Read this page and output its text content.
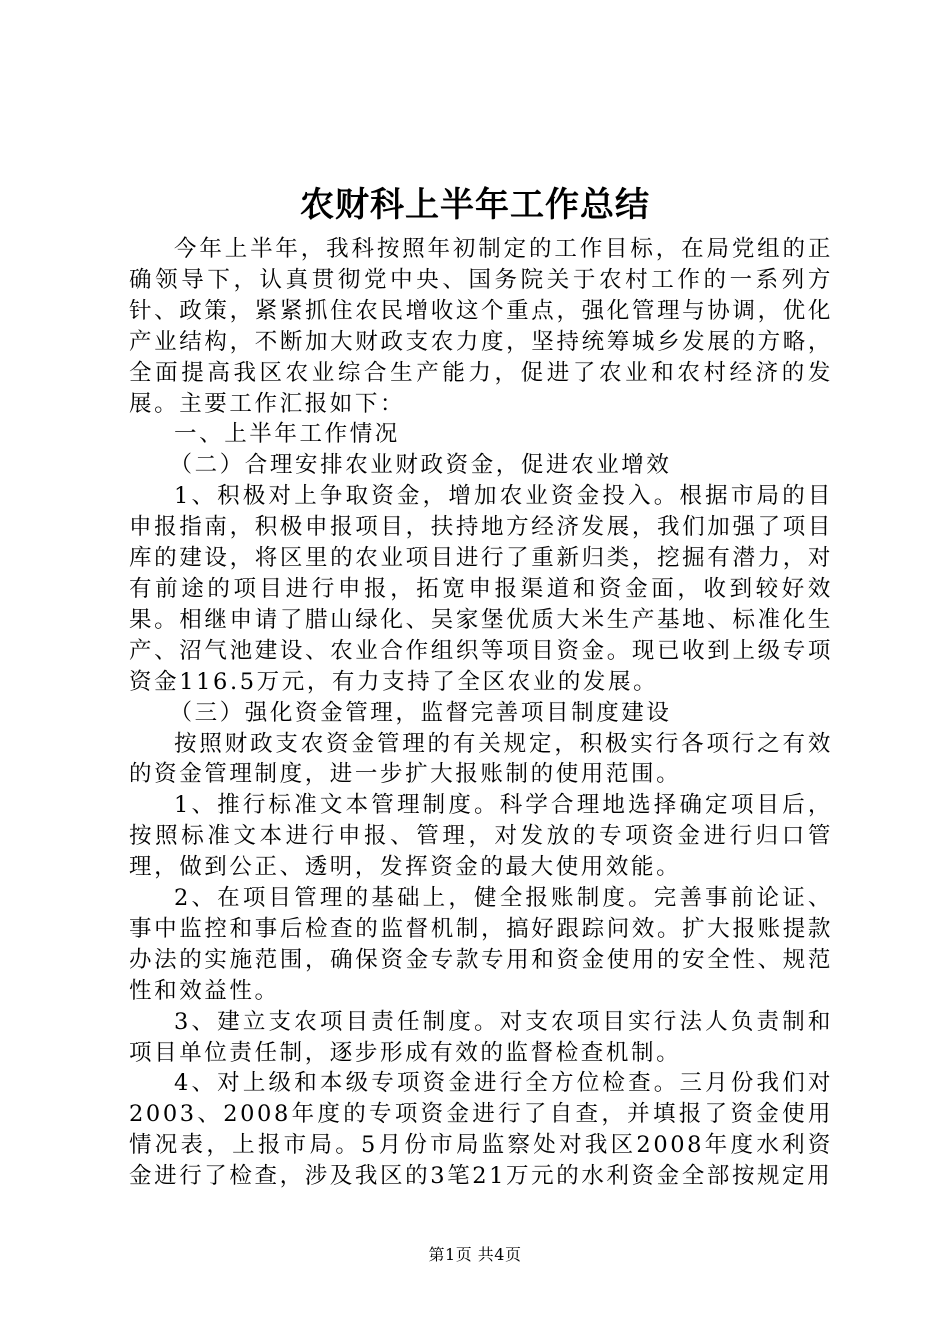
农财科上半年工作总结

今年上半年，我科按照年初制定的工作目标，在局党组的正确领导下，认真贯彻党中央、国务院关于农村工作的一系列方针、政策，紧紧抓住农民增收这个重点，强化管理与协调，优化产业结构，不断加大财政支农力度，坚持统筹城乡发展的方略，全面提高我区农业综合生产能力，促进了农业和农村经济的发展。主要工作汇报如下：

一、上半年工作情况

（二）合理安排农业财政资金，促进农业增效

1、积极对上争取资金，增加农业资金投入。根据市局的目申报指南，积极申报项目，扶持地方经济发展，我们加强了项目库的建设，将区里的农业项目进行了重新归类，挖掘有潜力，对有前途的项目进行申报，拓宽申报渠道和资金面，收到较好效果。相继申请了腊山绿化、吴家堡优质大米生产基地、标准化生产、沼气池建设、农业合作组织等项目资金。现已收到上级专项资金116.5万元，有力支持了全区农业的发展。

（三）强化资金管理，监督完善项目制度建设

按照财政支农资金管理的有关规定，积极实行各项行之有效的资金管理制度，进一步扩大报账制的使用范围。

1、推行标准文本管理制度。科学合理地选择确定项目后，按照标准文本进行申报、管理，对发放的专项资金进行归口管理，做到公正、透明，发挥资金的最大使用效能。

2、在项目管理的基础上，健全报账制度。完善事前论证、事中监控和事后检查的监督机制，搞好跟踪问效。扩大报账提款办法的实施范围，确保资金专款专用和资金使用的安全性、规范性和效益性。

3、建立支农项目责任制度。对支农项目实行法人负责制和项目单位责任制，逐步形成有效的监督检查机制。

4、对上级和本级专项资金进行全方位检查。三月份我们对2003、2008年度的专项资金进行了自查，并填报了资金使用情况表，上报市局。5月份市局监察处对我区2008年度水利资金进行了检查，涉及我区的3笔21万元的水利资金全部按规定用

第1页 共4页
